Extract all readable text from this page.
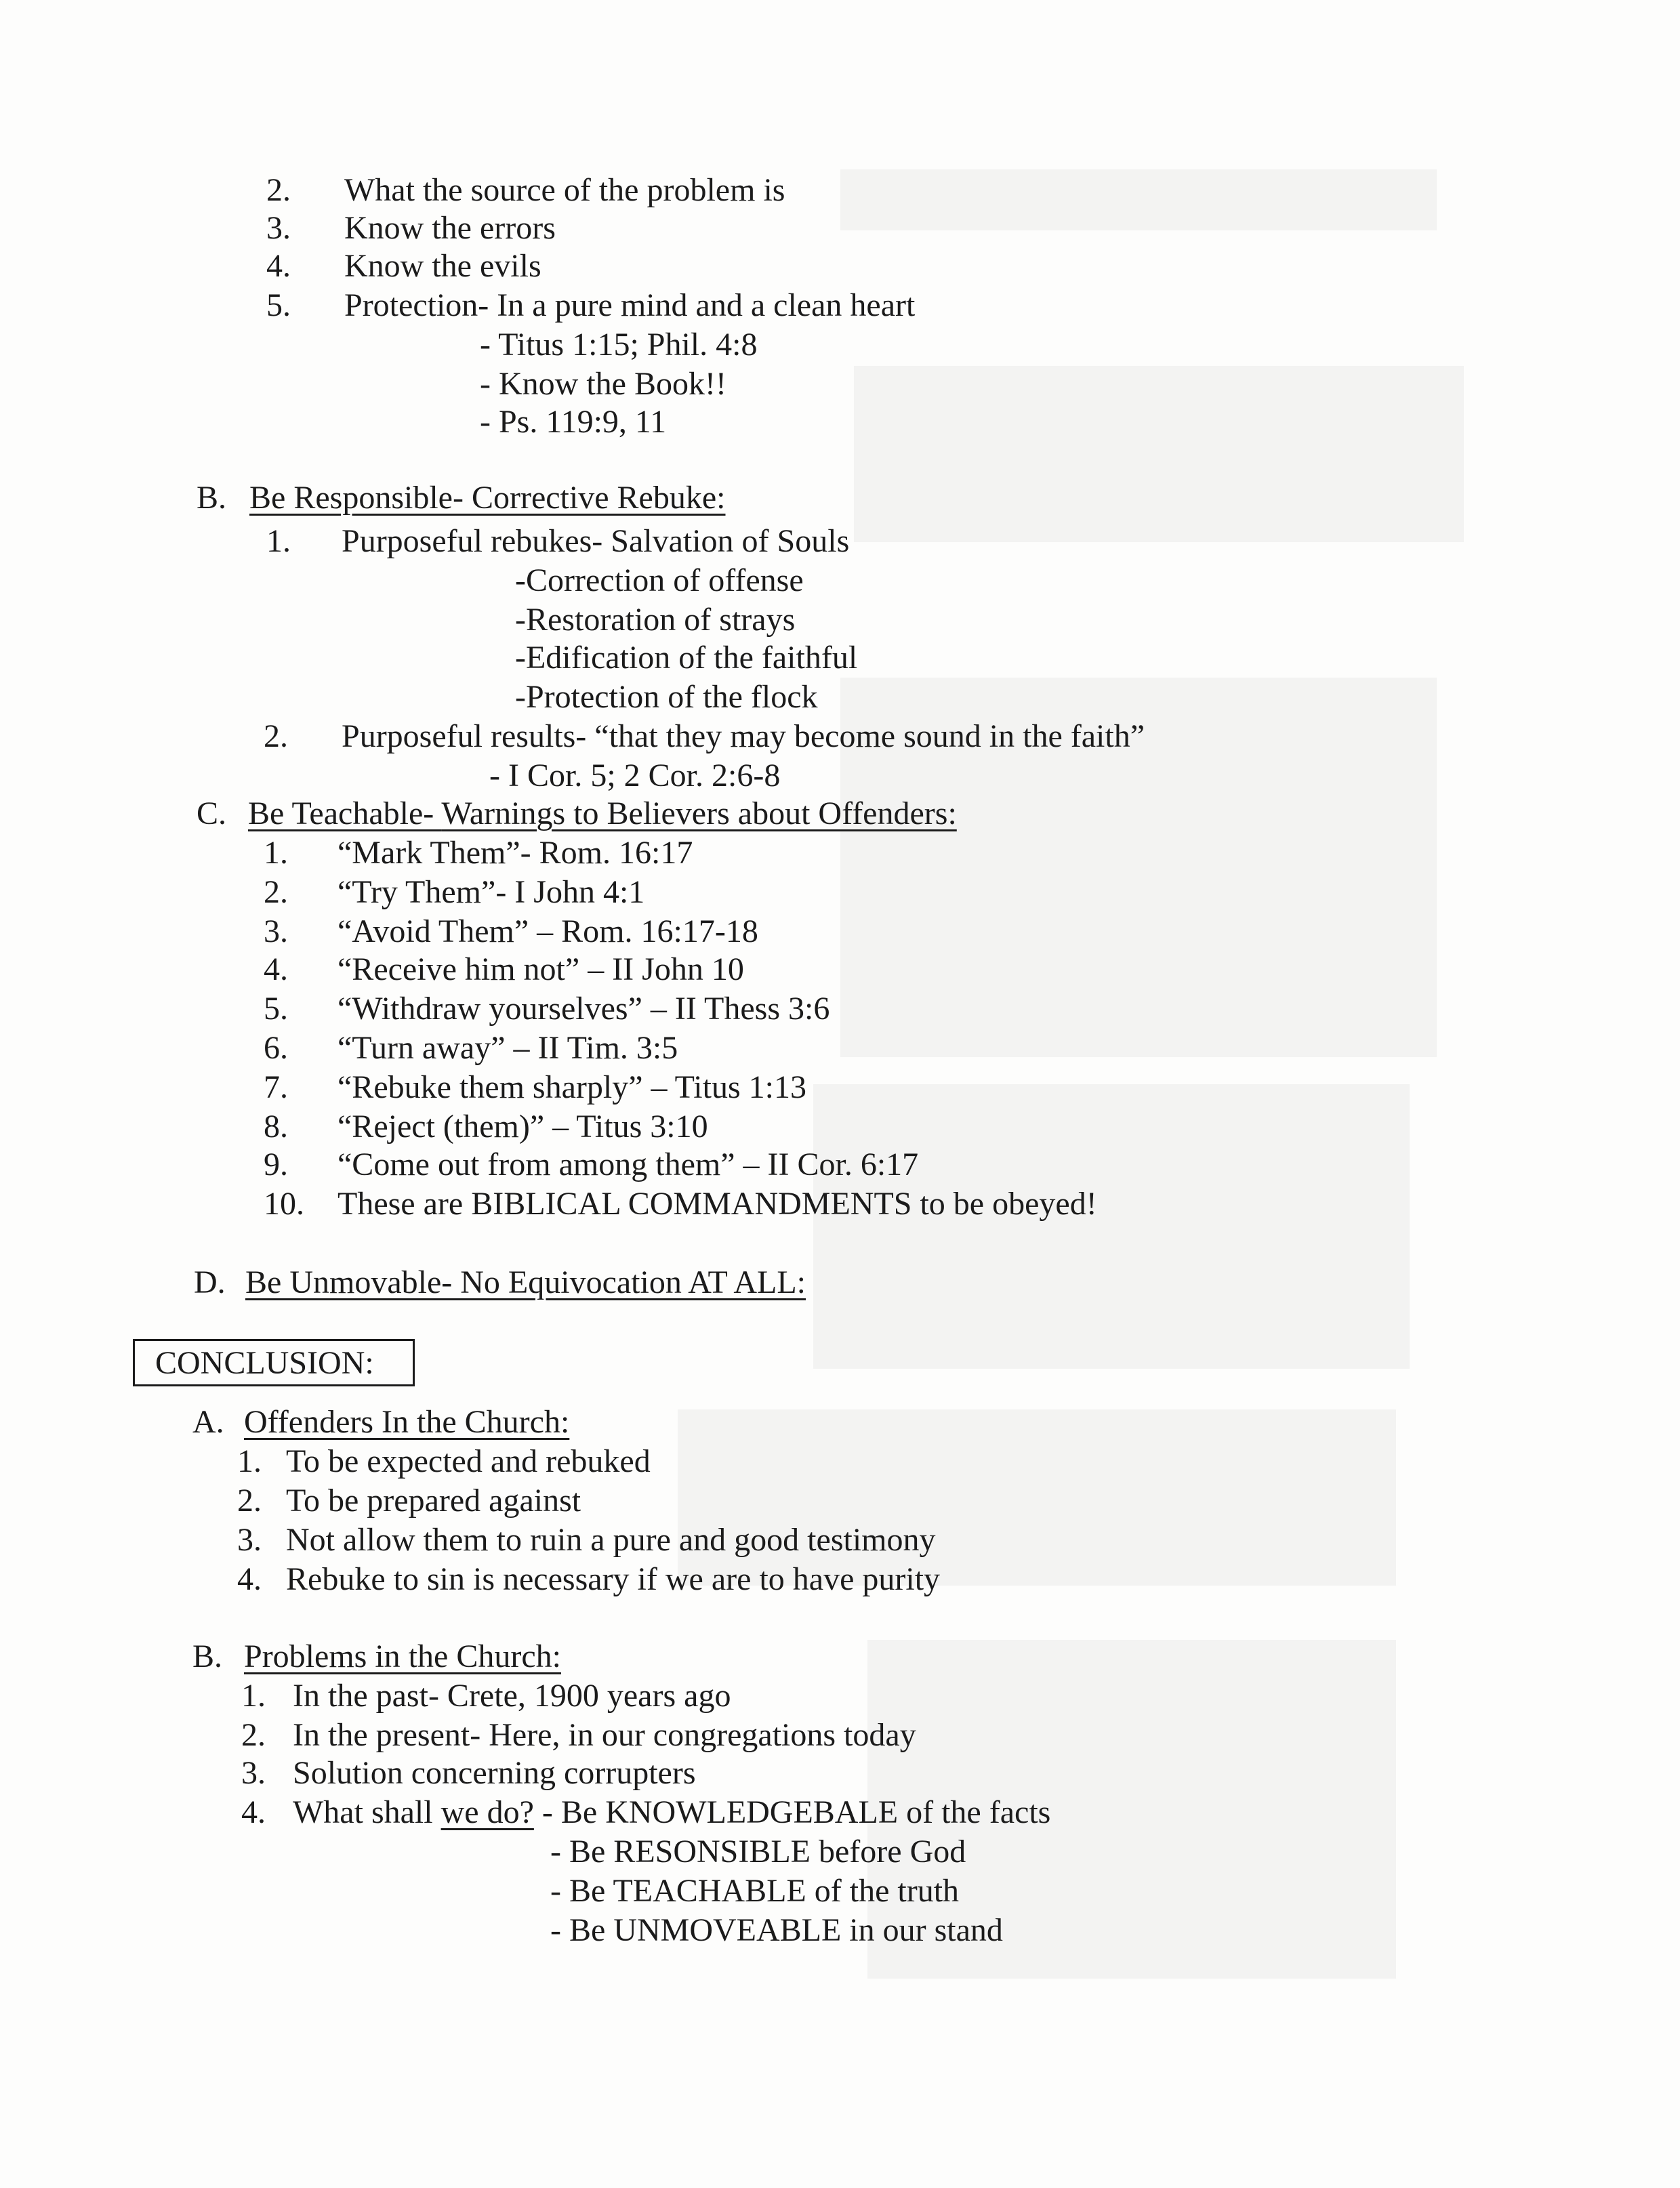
2. What the source of the problem is
3. Know the errors
4. Know the evils
5. Protection- In a pure mind and a clean heart
- Titus 1:15; Phil. 4:8
- Know the Book!!
- Ps. 119:9, 11
B. Be Responsible- Corrective Rebuke:
1. Purposeful rebukes- Salvation of Souls
-Correction of offense
-Restoration of strays
-Edification of the faithful
-Protection of the flock
2. Purposeful results- “that they may become sound in the faith”
- I Cor. 5; 2 Cor. 2:6-8
C. Be Teachable- Warnings to Believers about Offenders:
1. “Mark Them”- Rom. 16:17
2. “Try Them”- I John 4:1
3. “Avoid Them” – Rom. 16:17-18
4. “Receive him not” – II John 10
5. “Withdraw yourselves” – II Thess 3:6
6. “Turn away” – II Tim. 3:5
7. “Rebuke them sharply” – Titus 1:13
8. “Reject (them)” – Titus 3:10
9. “Come out from among them” – II Cor. 6:17
10. These are BIBLICAL COMMANDMENTS to be obeyed!
D. Be Unmovable- No Equivocation AT ALL:
CONCLUSION:
A. Offenders In the Church:
1. To be expected and rebuked
2. To be prepared against
3. Not allow them to ruin a pure and good testimony
4. Rebuke to sin is necessary if we are to have purity
B. Problems in the Church:
1. In the past- Crete, 1900 years ago
2. In the present- Here, in our congregations today
3. Solution concerning corrupters
4. What shall we do? - Be KNOWLEDGEBALE of the facts
- Be RESONSIBLE before God
- Be TEACHABLE of the truth
- Be UNMOVEABLE in our stand
